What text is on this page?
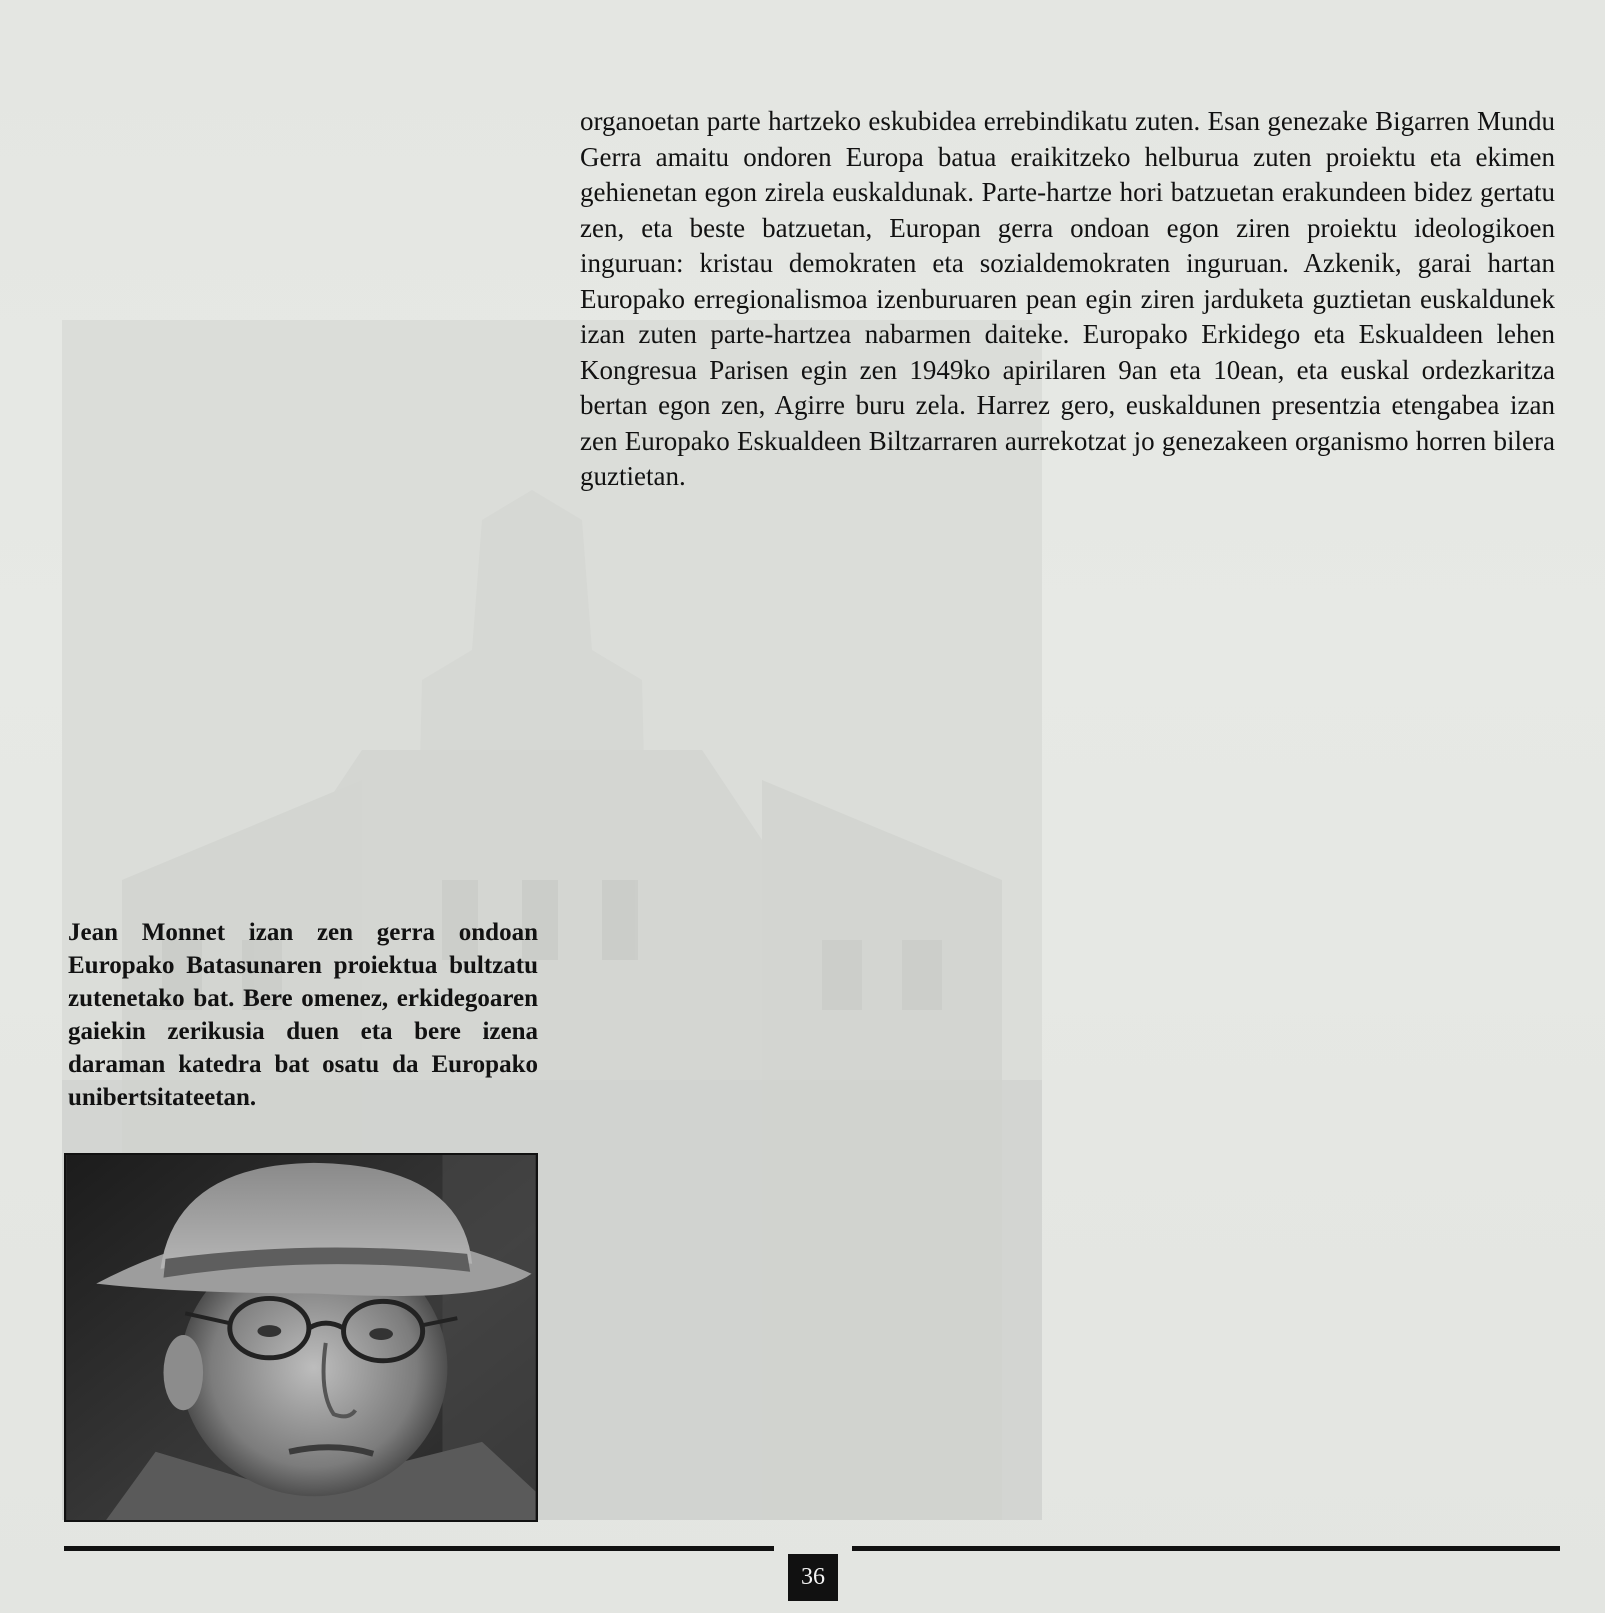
organoetan parte hartzeko eskubidea errebindikatu zuten. Esan genezake Bigarren Mundu Gerra amaitu ondoren Europa batua eraikitzeko helburua zuten proiektu eta ekimen gehienetan egon zirela euskaldunak. Parte-hartze hori batzuetan erakundeen bidez gertatu zen, eta beste batzuetan, Europan gerra ondoan egon ziren proiektu ideologikoen inguruan: kristau demokraten eta sozialdemokraten inguruan. Azkenik, garai hartan Europako erregionalismoa izenburuaren pean egin ziren jarduketa guztietan euskaldunek izan zuten parte-hartzea nabarmen daiteke. Europako Erkidego eta Eskualdeen lehen Kongresua Parisen egin zen 1949ko apirilaren 9an eta 10ean, eta euskal ordezkaritza bertan egon zen, Agirre buru zela. Harrez gero, euskaldunen presentzia etengabea izan zen Europako Eskualdeen Biltzarraren aurrekotzat jo genezakeen organismo horren bilera guztietan.

Jean Monnet izan zen gerra ondoan Europako Batasunaren proiektua bultzatu zutenetako bat. Bere omenez, erkidegoaren gaiekin zerikusia duen eta bere izena daraman katedra bat osatu da Europako unibertsitateetan.

36
